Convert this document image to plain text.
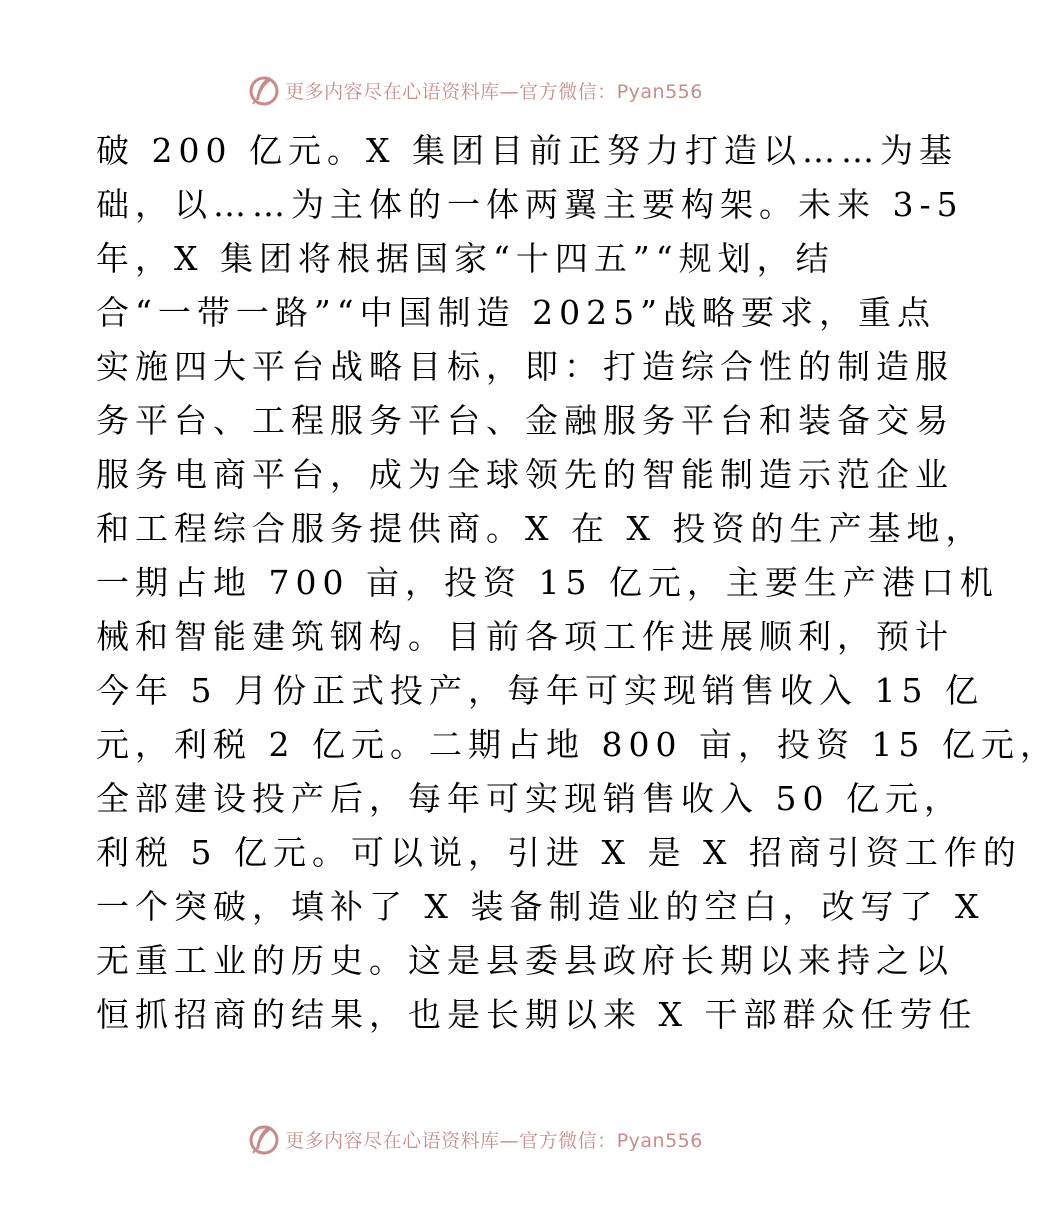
更多内容尽在心语资料库—官方微信：Pyan556
破 200 亿元。X 集团目前正努力打造以……为基
础，以……为主体的一体两翼主要构架。未来 3-5
年，X 集团将根据国家“十四五”“规划，结
合“一带一路”“中国制造 2025”战略要求，重点
实施四大平台战略目标，即：打造综合性的制造服
务平台、工程服务平台、金融服务平台和装备交易
服务电商平台，成为全球领先的智能制造示范企业
和工程综合服务提供商。X 在 X 投资的生产基地，
一期占地 700 亩，投资 15 亿元，主要生产港口机
械和智能建筑钢构。目前各项工作进展顺利，预计
今年 5 月份正式投产，每年可实现销售收入 15 亿
元，利税 2 亿元。二期占地 800 亩，投资 15 亿元，
全部建设投产后，每年可实现销售收入 50 亿元，
利税 5 亿元。可以说，引进 X 是 X 招商引资工作的
一个突破，填补了 X 装备制造业的空白，改写了 X
无重工业的历史。这是县委县政府长期以来持之以
恒抓招商的结果，也是长期以来 X 干部群众任劳任
更多内容尽在心语资料库—官方微信：Pyan556
